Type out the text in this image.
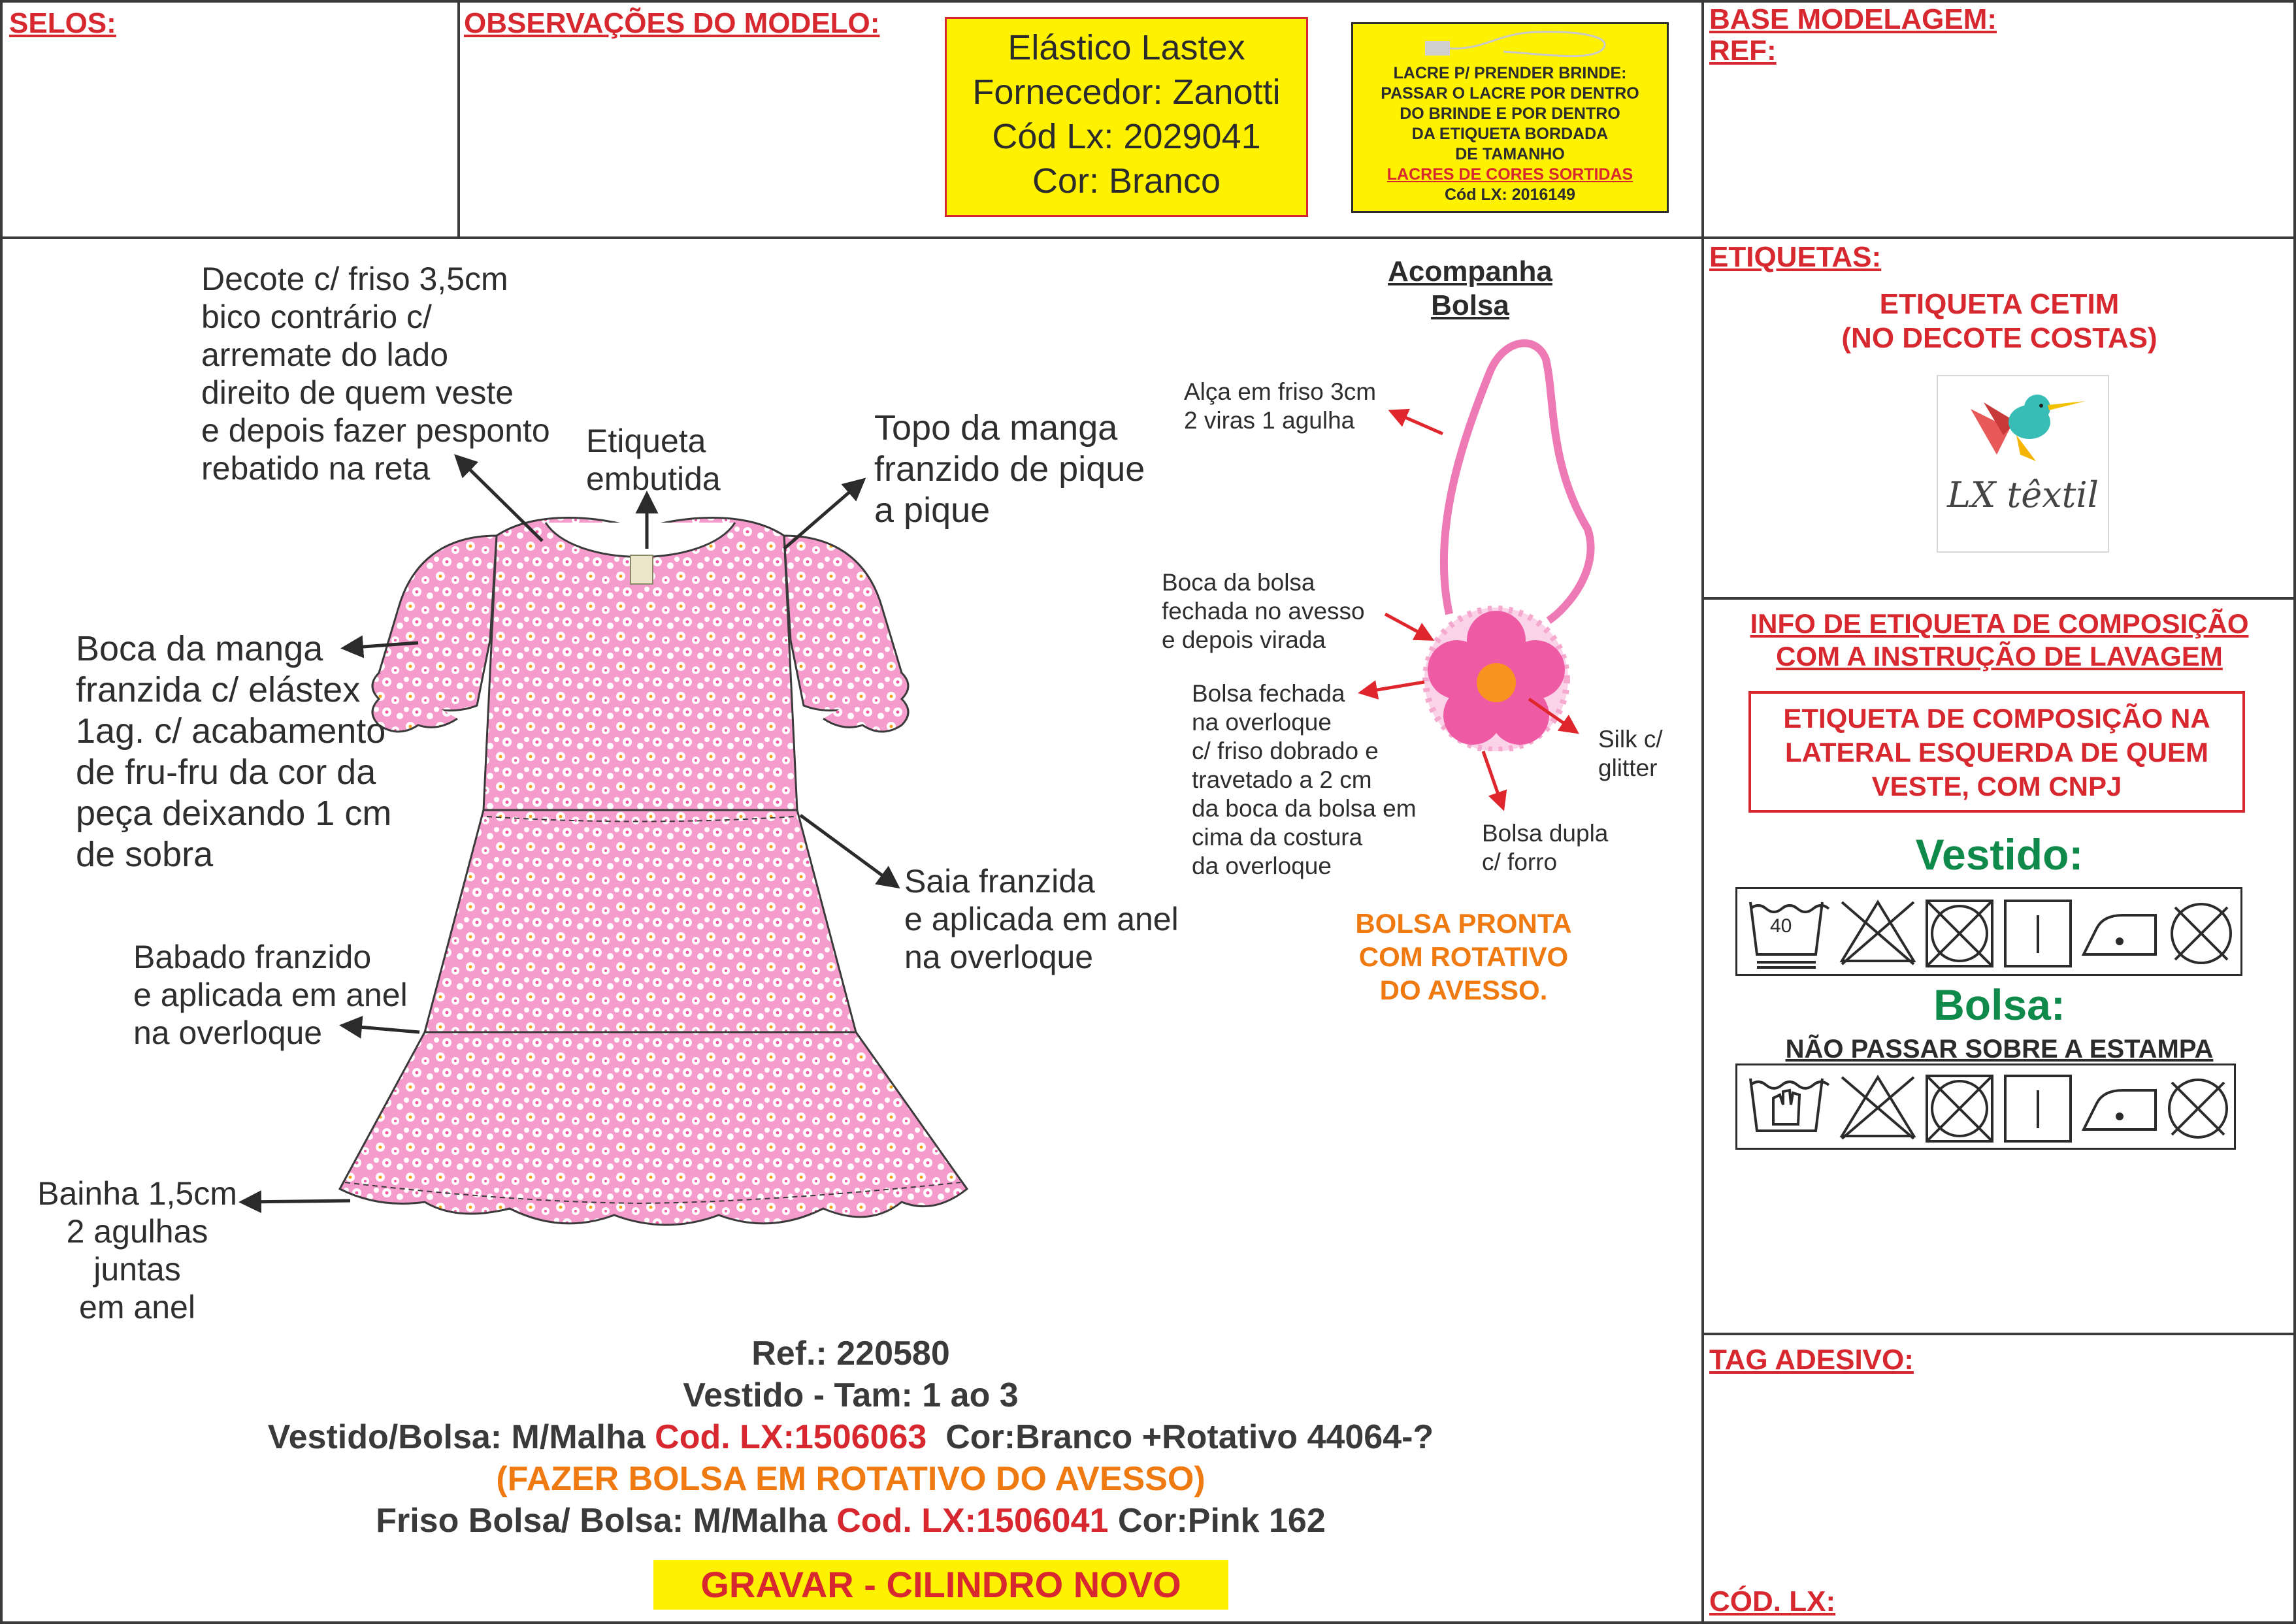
SELOS:	OBSERVAÇÕES DO MODELO:	BASE MODELAGEM:
REF:
Elástico Lastex
Fornecedor: Zanotti
Cód Lx: 2029041
Cor: Branco
LACRE P/ PRENDER BRINDE:
PASSAR O LACRE POR DENTRO
DO BRINDE E POR DENTRO
DA ETIQUETA BORDADA
DE TAMANHO
LACRES DE CORES SORTIDAS
Cód LX: 2016149
Decote c/ friso 3,5cm
bico contrário c/
arremate do lado
direito de quem veste
e depois fazer pesponto
rebatido na reta
Etiqueta
embutida
Topo da manga
franzido de pique
a pique
Boca da manga
franzida c/ elástex
1ag. c/ acabamento
de fru-fru da cor da
peça deixando 1 cm
de sobra
Saia franzida
e aplicada em anel
na overloque
Babado franzido
e aplicada em anel
na overloque
Bainha 1,5cm
2 agulhas juntas
em anel
Acompanha
Bolsa
Alça em friso 3cm
2 viras 1 agulha
Boca da bolsa
fechada no avesso
e depois virada
Bolsa fechada
na overloque
c/ friso dobrado e
travetado a 2 cm
da boca da bolsa em
cima da costura
da overloque
Silk c/
glitter
Bolsa dupla
c/ forro
BOLSA PRONTA
COM ROTATIVO
DO AVESSO.
Ref.: 220580
Vestido - Tam: 1 ao 3
Vestido/Bolsa: M/Malha Cod. LX:1506063  Cor:Branco +Rotativo 44064-?
(FAZER BOLSA EM ROTATIVO DO AVESSO)
Friso Bolsa/ Bolsa: M/Malha Cod. LX:1506041 Cor:Pink 162
GRAVAR - CILINDRO NOVO
ETIQUETAS:
ETIQUETA CETIM
(NO DECOTE COSTAS)
LX têxtil
INFO DE ETIQUETA DE COMPOSIÇÃO
COM A INSTRUÇÃO DE LAVAGEM
ETIQUETA DE COMPOSIÇÃO NA
LATERAL ESQUERDA DE QUEM
VESTE, COM CNPJ
Vestido:
40
Bolsa:
NÃO PASSAR SOBRE A ESTAMPA
TAG ADESIVO:
CÓD. LX:
